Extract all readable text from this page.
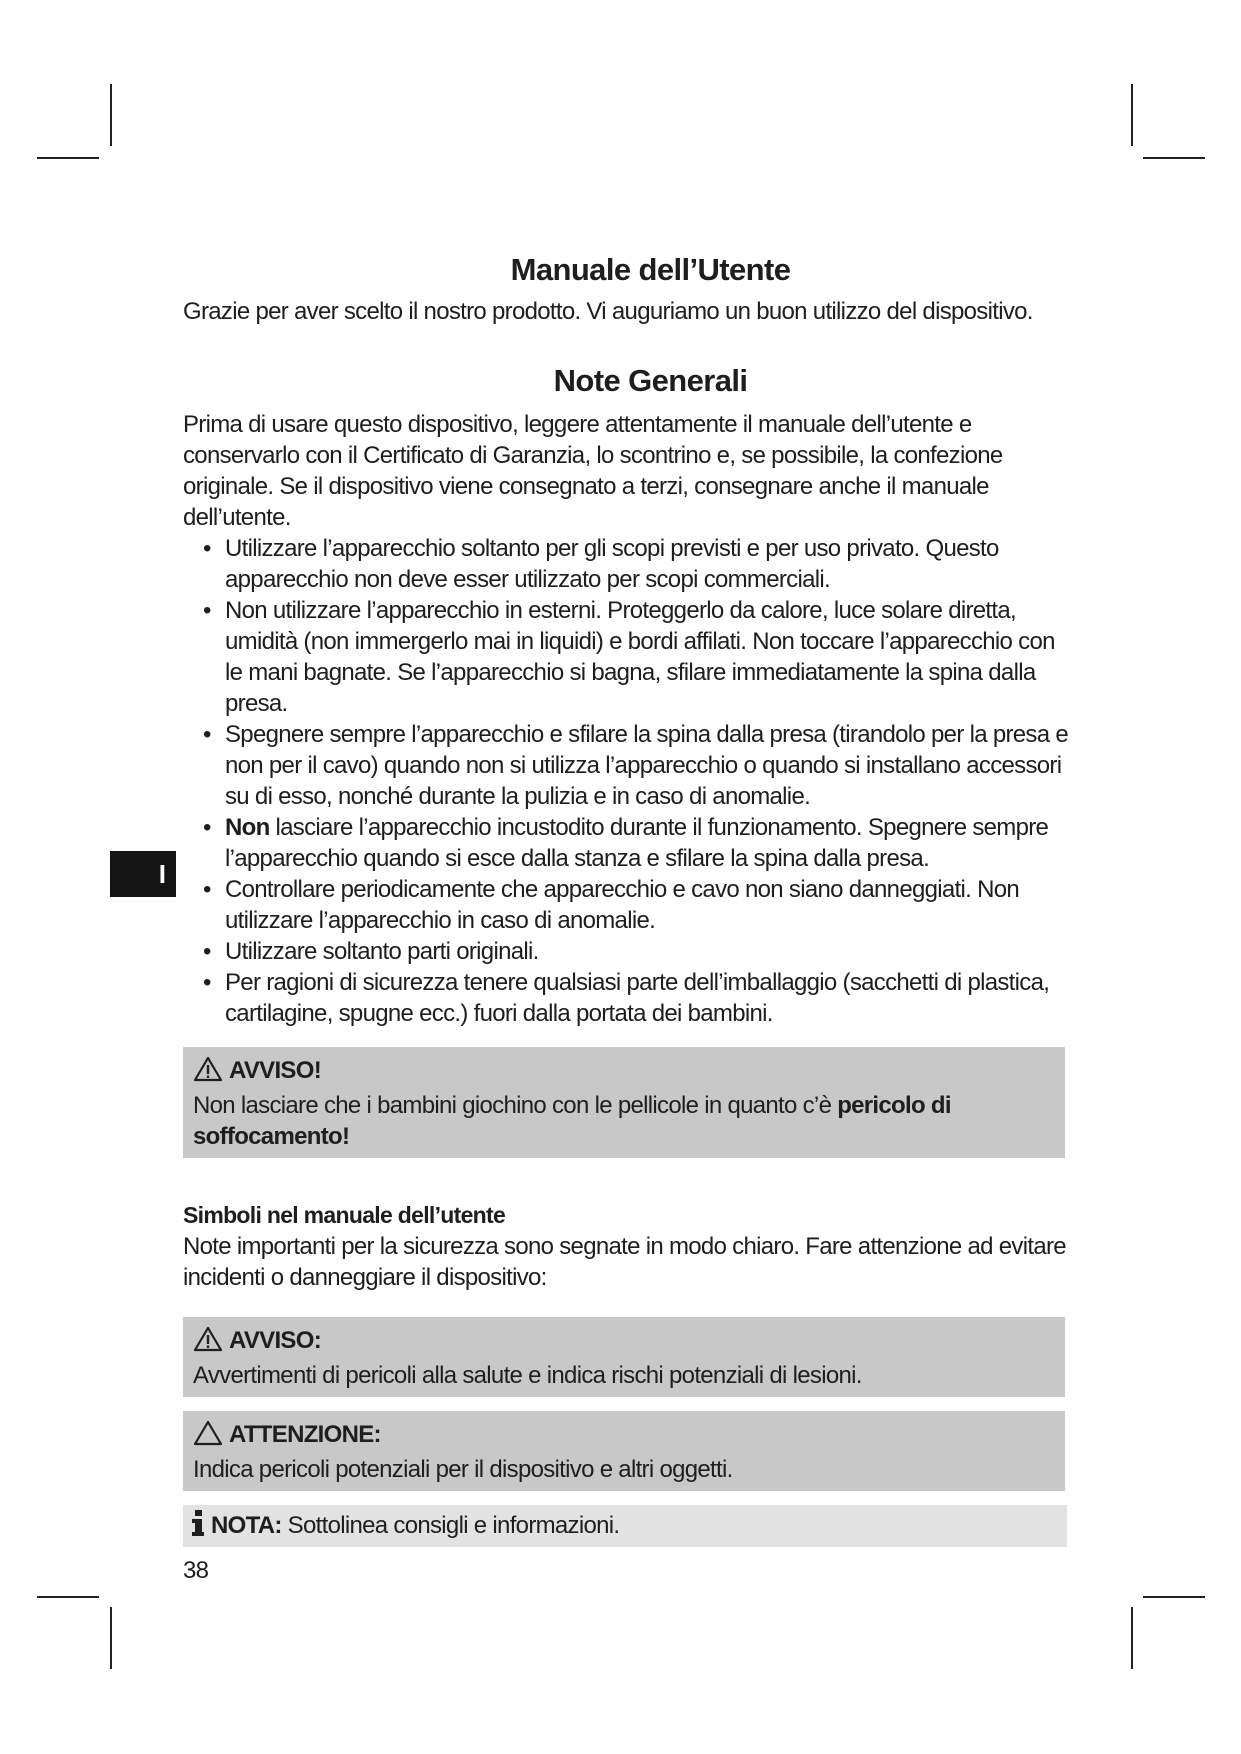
I
Manuale dell’Utente

Grazie per aver scelto il nostro prodotto. Vi auguriamo un buon utilizzo del dispositivo.

Note Generali

Prima di usare questo dispositivo, leggere attentamente il manuale dell’utente e conservarlo con il Certificato di Garanzia, lo scontrino e, se possibile, la confezione originale. Se il dispositivo viene consegnato a terzi, consegnare anche il manuale dell’utente.

• Utilizzare l’apparecchio soltanto per gli scopi previsti e per uso privato. Questo apparecchio non deve esser utilizzato per scopi commerciali.
• Non utilizzare l’apparecchio in esterni. Proteggerlo da calore, luce solare diretta, umidità (non immergerlo mai in liquidi) e bordi affilati. Non toccare l’apparecchio con le mani bagnate. Se l’apparecchio si bagna, sfilare immediatamente la spina dalla presa.
• Spegnere sempre l’apparecchio e sfilare la spina dalla presa (tirandolo per la presa e non per il cavo) quando non si utilizza l’apparecchio o quando si installano accessori su di esso, nonché durante la pulizia e in caso di anomalie.
• Non lasciare l’apparecchio incustodito durante il funzionamento. Spegnere sempre l’apparecchio quando si esce dalla stanza e sfilare la spina dalla presa.
• Controllare periodicamente che apparecchio e cavo non siano danneggiati. Non utilizzare l’apparecchio in caso di anomalie.
• Utilizzare soltanto parti originali.
• Per ragioni di sicurezza tenere qualsiasi parte dell’imballaggio (sacchetti di plastica, cartilagine, spugne ecc.) fuori dalla portata dei bambini.
AVVISO!
Non lasciare che i bambini giochino con le pellicole in quanto c’è pericolo di soffocamento!
Simboli nel manuale dell’utente

Note importanti per la sicurezza sono segnate in modo chiaro. Fare attenzione ad evitare incidenti o danneggiare il dispositivo:

AVVISO:
Avvertimenti di pericoli alla salute e indica rischi potenziali di lesioni.
ATTENZIONE:
Indica pericoli potenziali per il dispositivo e altri oggetti.
NOTA: Sottolinea consigli e informazioni.
38
